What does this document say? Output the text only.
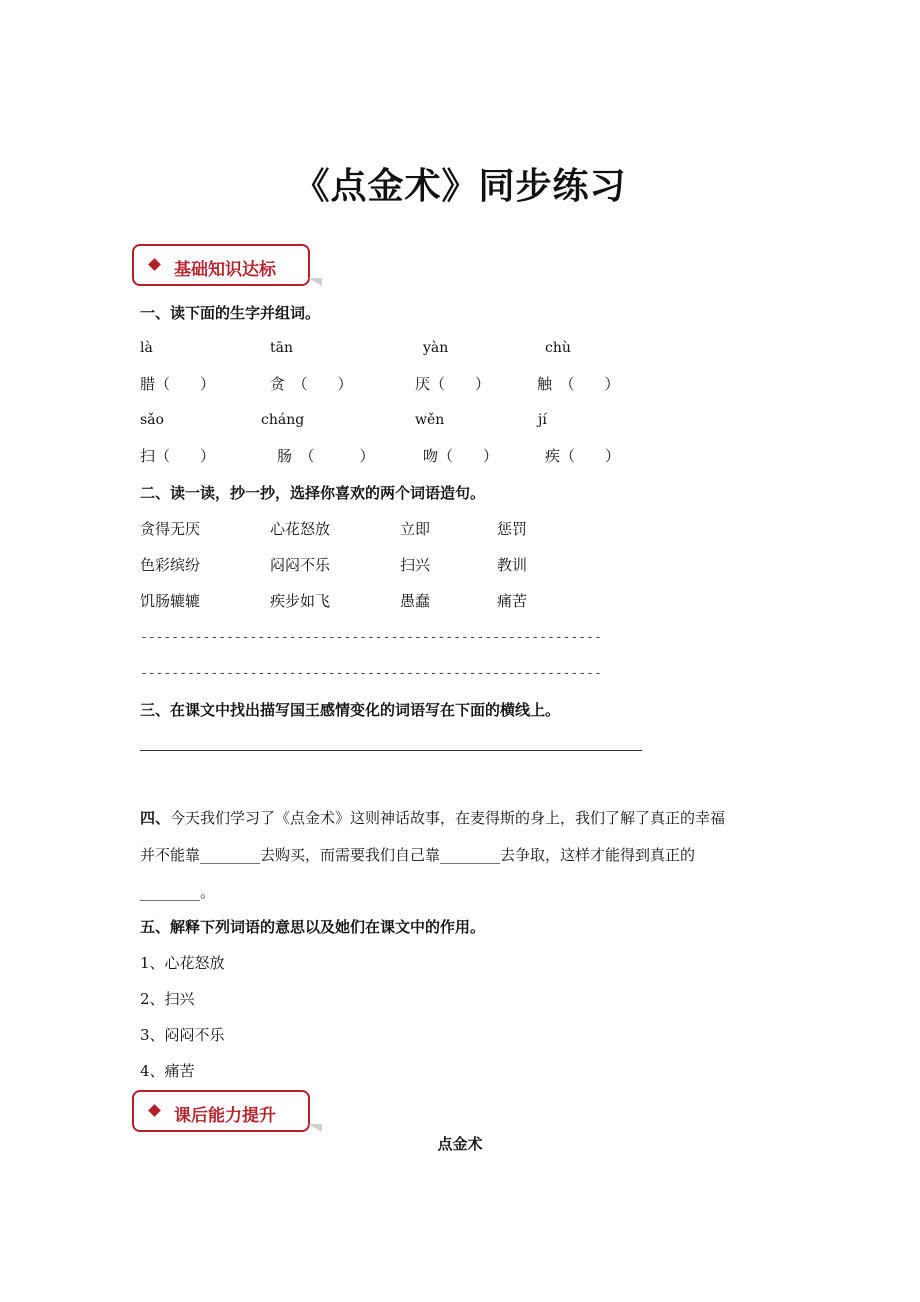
《点金术》同步练习
基础知识达标
一、读下面的生字并组词。
là	tān	yàn	chù
腊（　　）	贪　（　　）	厌（　　）	触　（　　）
sǎo	cháng	wěn	jí
扫（　　）	肠　（　　　）	吻（　　）	疾（　　）
二、读一读，抄一抄，选择你喜欢的两个词语造句。
贪得无厌	心花怒放	立即	惩罚
色彩缤纷	闷闷不乐	扫兴	教训
饥肠辘辘	疾步如飞	愚蠢	痛苦
-----------------------------------------------------------
-----------------------------------------------------------
三、在课文中找出描写国王感情变化的词语写在下面的横线上。
四、今天我们学习了《点金术》这则神话故事，在麦得斯的身上，我们了解了真正的幸福
并不能靠________去购买，而需要我们自己靠________去争取，这样才能得到真正的
________。
五、解释下列词语的意思以及她们在课文中的作用。
1、心花怒放
2、扫兴
3、闷闷不乐
4、痛苦
课后能力提升
点金术
